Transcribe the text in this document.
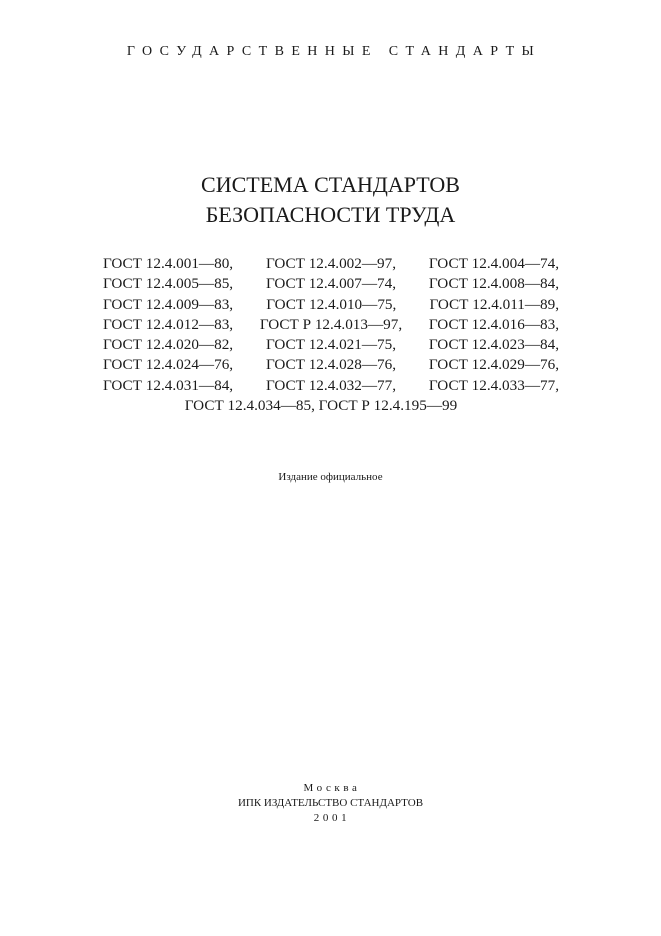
ГОСУДАРСТВЕННЫЕ СТАНДАРТЫ
СИСТЕМА СТАНДАРТОВ
БЕЗОПАСНОСТИ ТРУДА
ГОСТ 12.4.001—80, ГОСТ 12.4.002—97, ГОСТ 12.4.004—74,
ГОСТ 12.4.005—85, ГОСТ 12.4.007—74, ГОСТ 12.4.008—84,
ГОСТ 12.4.009—83, ГОСТ 12.4.010—75, ГОСТ 12.4.011—89,
ГОСТ 12.4.012—83, ГОСТ Р 12.4.013—97, ГОСТ 12.4.016—83,
ГОСТ 12.4.020—82, ГОСТ 12.4.021—75, ГОСТ 12.4.023—84,
ГОСТ 12.4.024—76, ГОСТ 12.4.028—76, ГОСТ 12.4.029—76,
ГОСТ 12.4.031—84, ГОСТ 12.4.032—77, ГОСТ 12.4.033—77,
ГОСТ 12.4.034—85, ГОСТ Р 12.4.195—99
Издание официальное
Москва
ИПК ИЗДАТЕЛЬСТВО СТАНДАРТОВ
2001
